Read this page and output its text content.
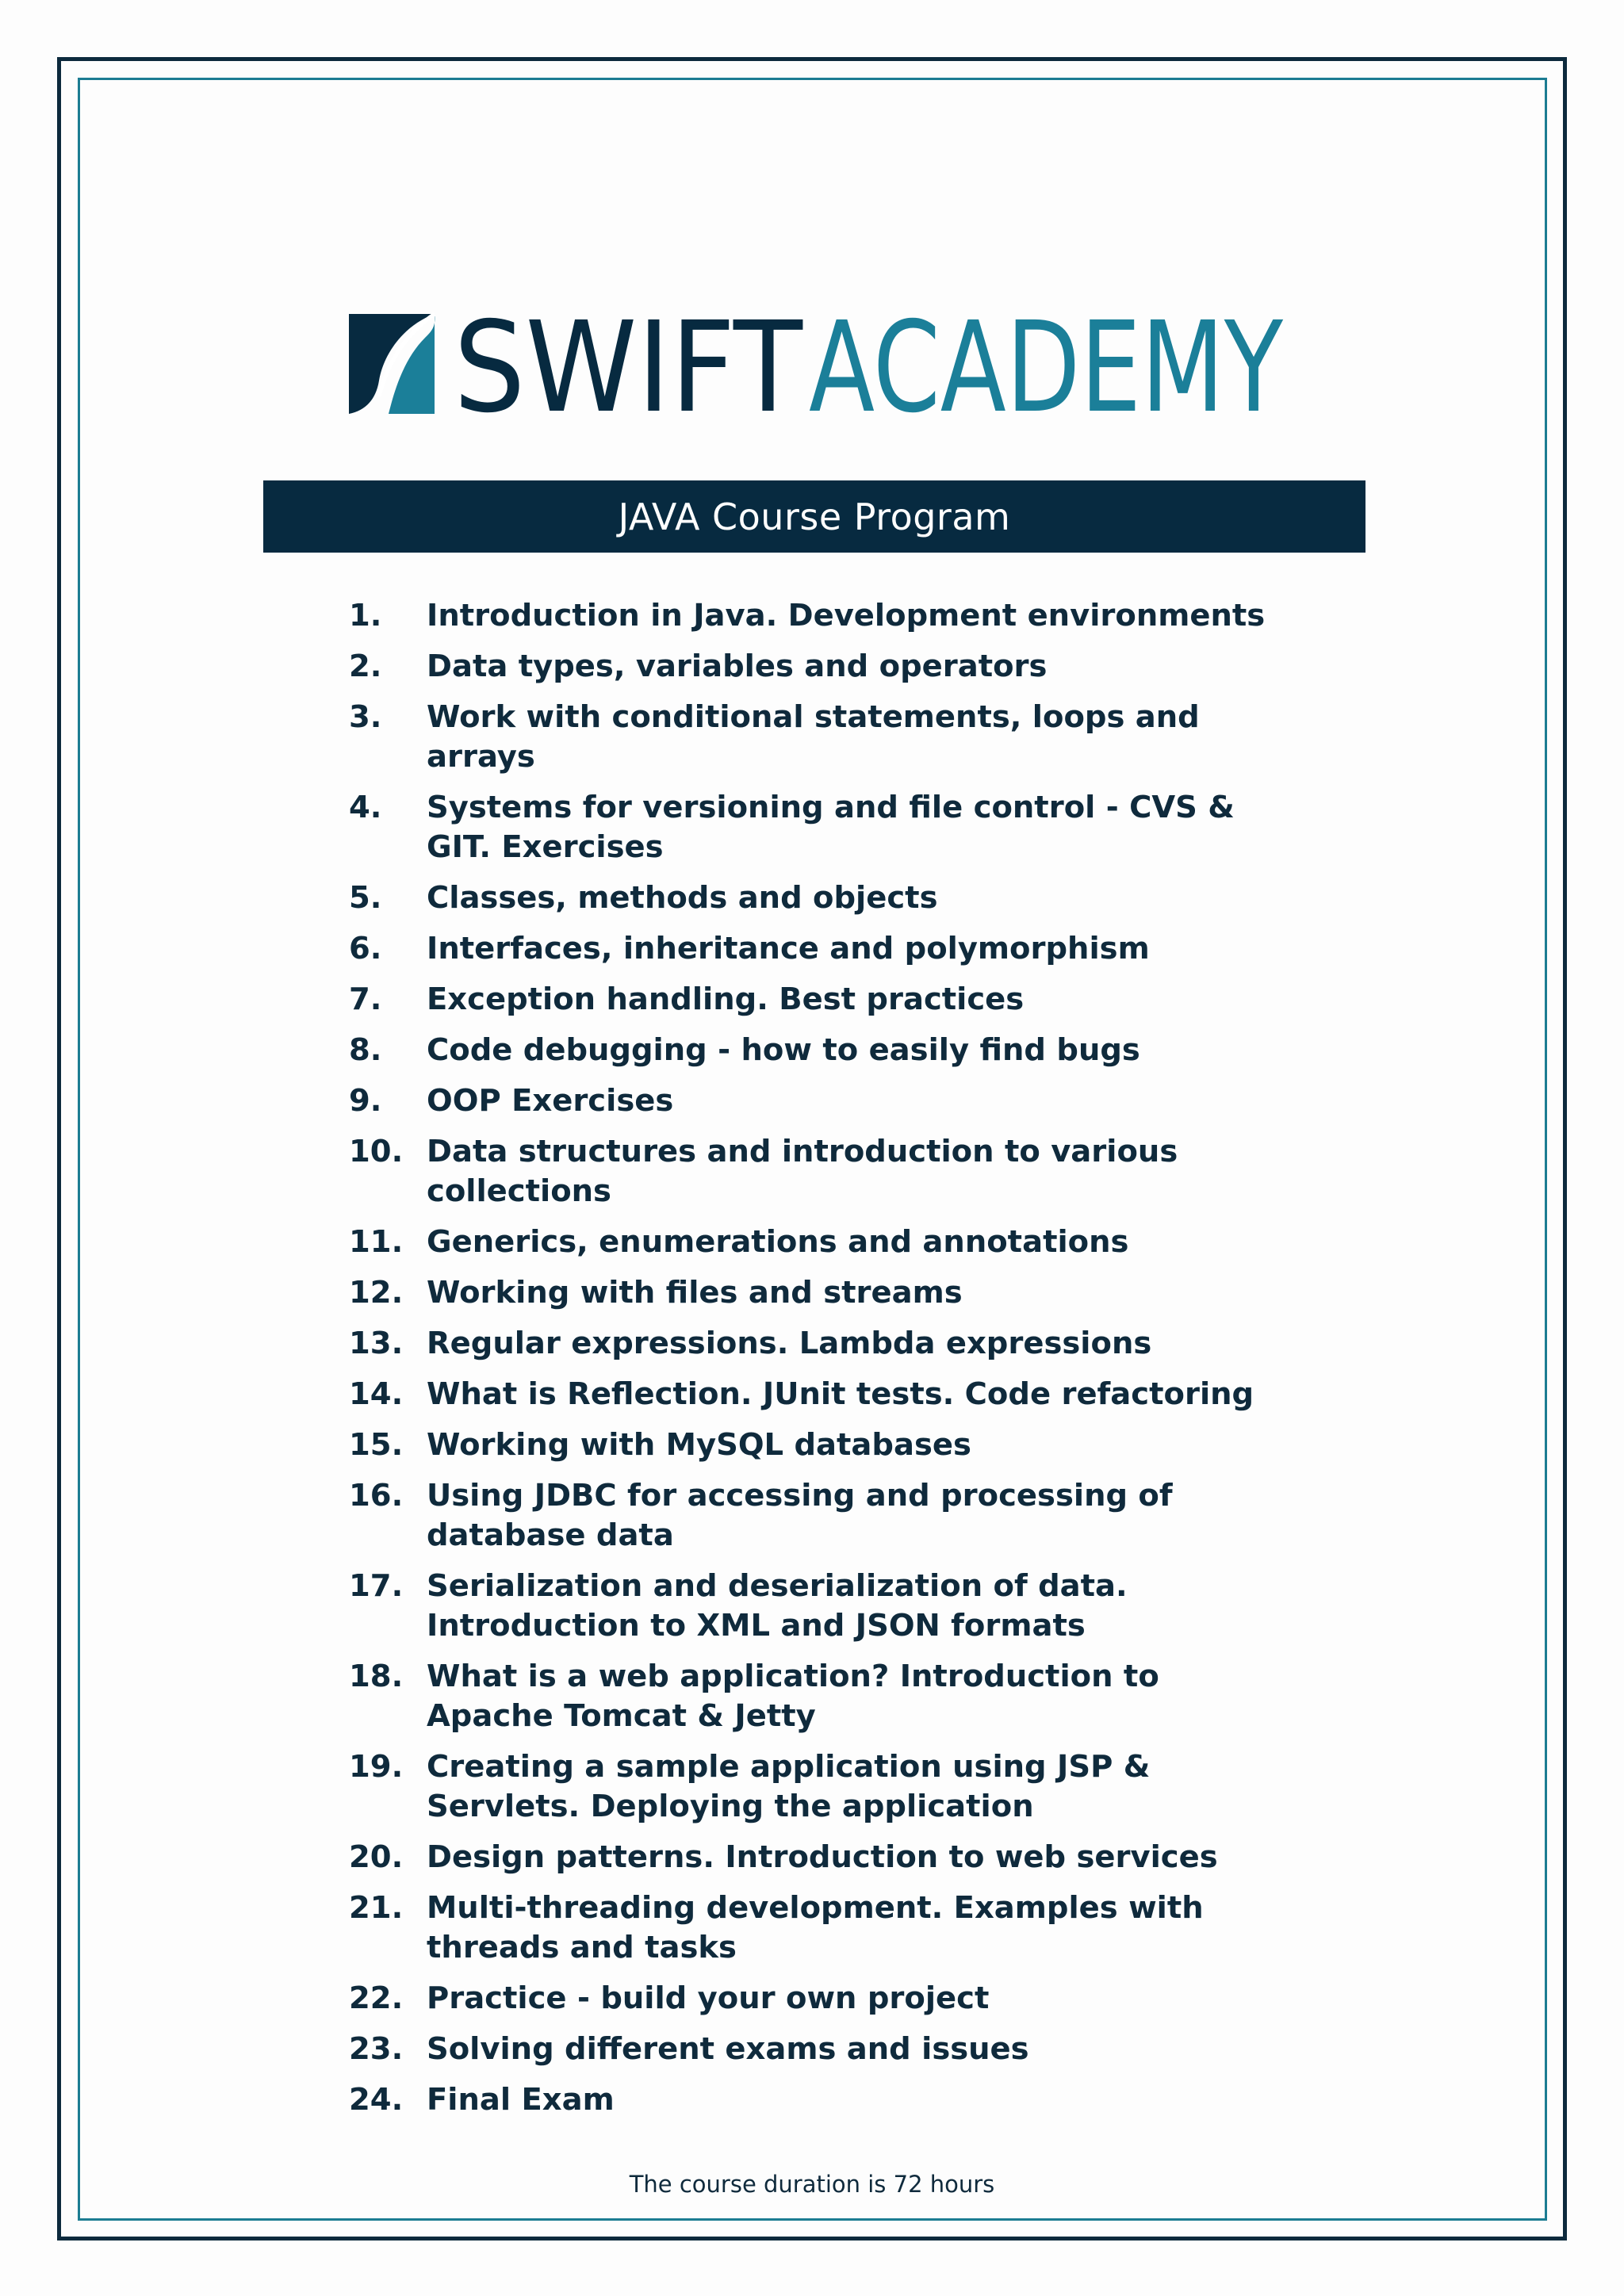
SWIFT ACADEMY
JAVA Course Program
1.	Introduction in Java. Development environments
2.	Data types, variables and operators
3.	Work with conditional statements, loops and arrays
4.	Systems for versioning and file control - CVS & GIT. Exercises
5.	Classes, methods and objects
6.	Interfaces, inheritance and polymorphism
7.	Exception handling. Best practices
8.	Code debugging - how to easily find bugs
9.	OOP Exercises
10. Data structures and introduction to various collections
11. Generics, enumerations and annotations
12. Working with files and streams
13. Regular expressions. Lambda expressions
14. What is Reflection. JUnit tests. Code refactoring
15. Working with MySQL databases
16. Using JDBC for accessing and processing of database data
17. Serialization and deserialization of data. Introduction to XML and JSON formats
18. What is a web application? Introduction to Apache Tomcat & Jetty
19. Creating a sample application using JSP & Servlets. Deploying the application
20. Design patterns. Introduction to web services
21. Multi-threading development. Examples with threads and tasks
22. Practice - build your own project
23. Solving different exams and issues
24. Final Exam
The course duration is 72 hours
